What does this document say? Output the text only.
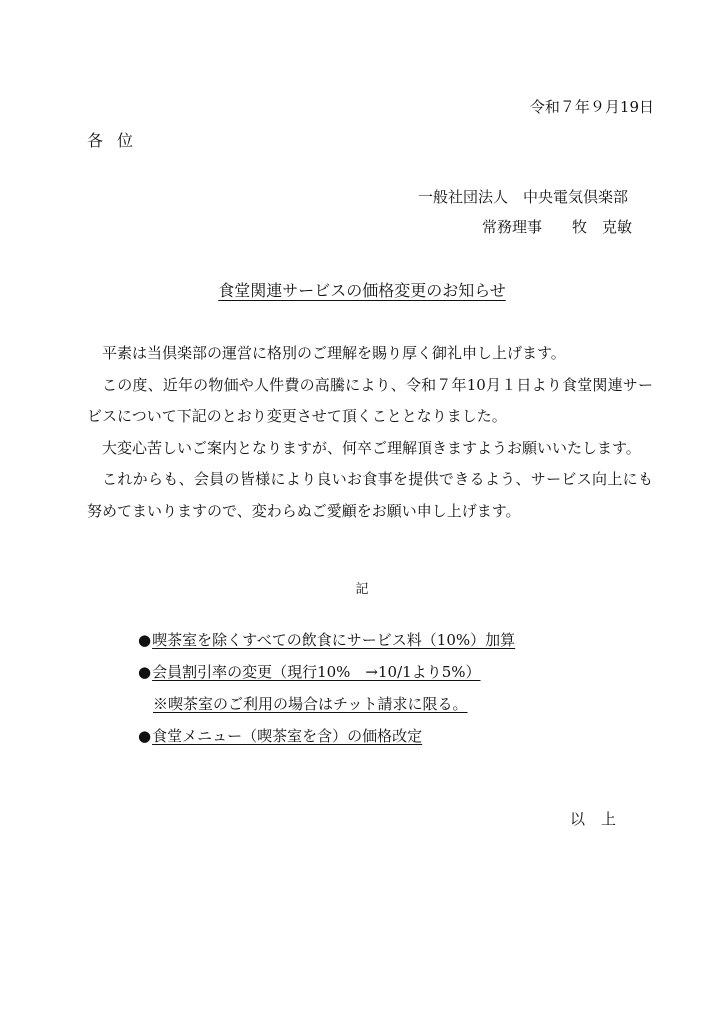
令和７年９月19日
各位
一般社団法人　中央電気倶楽部
常務理事 牧　克敏
食堂関連サービスの価格変更のお知らせ

平素は当倶楽部の運営に格別のご理解を賜り厚く御礼申し上げます。

この度、近年の物価や人件費の高騰により、令和７年10月１日より食堂関連サービスについて下記のとおり変更させて頂くこととなりました。

大変心苦しいご案内となりますが、何卒ご理解頂きますようお願いいたします。

これからも、会員の皆様により良いお食事を提供できるよう、サービス向上にも努めてまいりますので、変わらぬご愛顧をお願い申し上げます。

記
●喫茶室を除くすべての飲食にサービス料（10%）加算
●会員割引率の変更（現行10%　→10/1より5%）
※喫茶室のご利用の場合はチット請求に限る。
●食堂メニュー（喫茶室を含）の価格改定
以上
